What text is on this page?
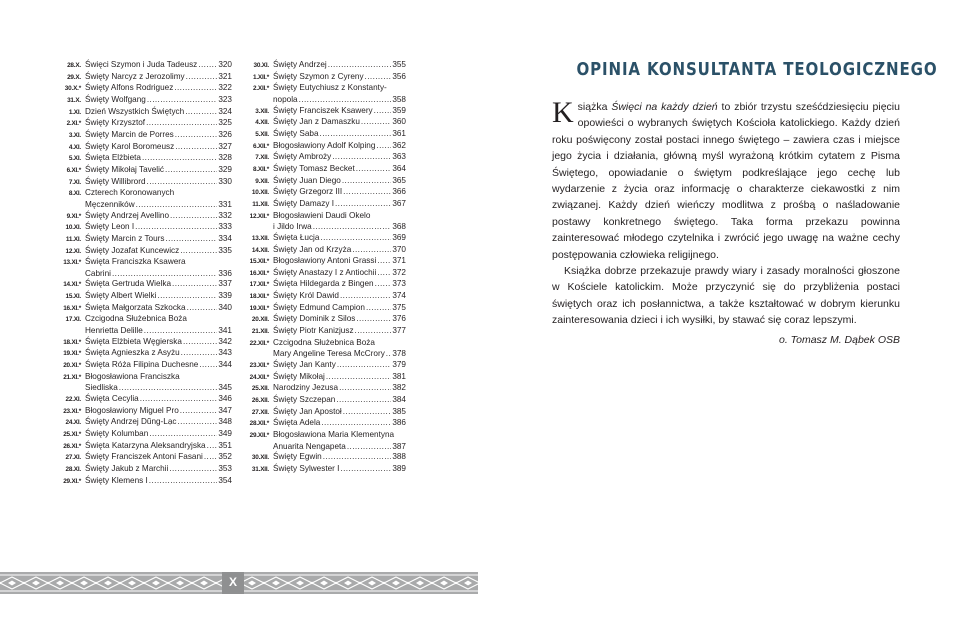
28.X. Święci Szymon i Juda Tadeusz .....	320
29.X. Święty Narcyz z Jerozolimy .....	321
30.X.* Święty Alfons Rodriguez .....	322
31.X. Święty Wolfgang .....	323
1.XI. Dzień Wszystkich Świętych .....	324
2.XI.* Święty Krzysztof .....	325
3.XI. Święty Marcin de Porres .....	326
4.XI. Święty Karol Boromeusz .....	327
5.XI. Święta Elżbieta .....	328
6.XI.* Święty Mikołaj Tavelić .....	329
7.XI. Święty Willibrord .....	330
8.XI. Czterech Koronowanych
Męczenników .....	331
9.XI.* Święty Andrzej Avellino .....	332
10.XI. Święty Leon I .....	333
11.XI. Święty Marcin z Tours .....	334
12.XI. Święty Jozafat Kuncewicz .....	335
13.XI.* Święta Franciszka Ksawera
Cabrini .....	336
14.XI.* Święta Gertruda Wielka .....	337
15.XI. Święty Albert Wielki .....	339
16.XI.* Święta Małgorzata Szkocka .....	340
17.XI. Czcigodna Służebnica Boża
Henrietta Delille .....	341
18.XI.* Święta Elżbieta Węgierska .....	342
19.XI.* Święta Agnieszka z Asyżu .....	343
20.XI.* Święta Róża Filipina Duchesne ..... 344
21.XI.* Błogosławiona Franciszka
Siedliska .....	345
22.XI. Święta Cecylia .....	346
23.XI.* Błogosławiony Miguel Pro .....	347
24.XI. Święty Andrzej Dũng-Lạc .....	348
25.XI.* Święty Kolumban .....	349
26.XI.* Święta Katarzyna Aleksandryjska ..... 351
27.XI. Święty Franciszek Antoni Fasani ..... 352
28.XI. Święty Jakub z Marchii .....	353
29.XI.* Święty Klemens I .....	354
30.XI. Święty Andrzej .....	355
1.XII.* Święty Szymon z Cyreny .....	356
2.XII.* Święty Eutychiusz z Konstanty-
nopola .....	358
3.XII. Święty Franciszek Ksawery ..... 359
4.XII. Święty Jan z Damaszku .....	360
5.XII. Święty Saba .....	361
6.XII.* Błogosławiony Adolf Kolping ..... 362
7.XII. Święty Ambroży .....	363
8.XII.* Święty Tomasz Becket .....	364
9.XII. Święty Juan Diego .....	365
10.XII. Święty Grzegorz III .....	366
11.XII. Święty Damazy I .....	367
12.XII.* Błogosławieni Daudi Okelo
i Jildo Irwa .....	368
13.XII. Święta Łucja .....	369
14.XII. Święty Jan od Krzyża .....	370
15.XII.* Błogosławiony Antoni Grassi ..... 371
16.XII.* Święty Anastazy I z Antiochii ..... 372
17.XII.* Święta Hildegarda z Bingen ..... 373
18.XII.* Święty Król Dawid .....	374
19.XII.* Święty Edmund Campion .....	375
20.XII. Święty Dominik z Silos .....	376
21.XII. Święty Piotr Kanizjusz .....	377
22.XII.* Czcigodna Służebnica Boża
Mary Angeline Teresa McCrory ..... 378
23.XII.* Święty Jan Kanty .....	379
24.XII.* Święty Mikołaj .....	381
25.XII. Narodziny Jezusa .....	382
26.XII. Święty Szczepan .....	384
27.XII. Święty Jan Apostoł .....	385
28.XII.* Święta Adela .....	386
29.XII.* Błogosławiona Maria Klementyna
Anuarita Nengapeta .....	387
30.XII. Święty Egwin .....	388
31.XII. Święty Sylwester I .....	389
X
OPINIA KONSULTANTA TEOLOGICZNEGO

Książka Święci na każdy dzień to zbiór trzystu sześćdziesięciu pięciu opowieści o wybranych świętych Kościoła katolickiego. Każdy dzień roku poświęcony został postaci innego świętego – zawiera czas i miejsce jego życia i działania, główną myśl wyrażoną krótkim cytatem z Pisma Świętego, opowiadanie o świętym podkreślające jego cechę lub wydarzenie z życia oraz informację o charakterze ciekawostki z nim związanej. Każdy dzień wieńczy modlitwa z prośbą o naśladowanie postawy konkretnego świętego. Taka forma przekazu powinna zainteresować młodego czytelnika i zwrócić jego uwagę na ważne cechy postępowania człowieka religijnego.

Książka dobrze przekazuje prawdy wiary i zasady moralności głoszone w Kościele katolickim. Może przyczynić się do przybliżenia postaci świętych oraz ich posłannictwa, a także kształtować w dobrym kierunku zainteresowania dzieci i ich wysiłki, by stawać się coraz lepszymi.

o. Tomasz M. Dąbek OSB
